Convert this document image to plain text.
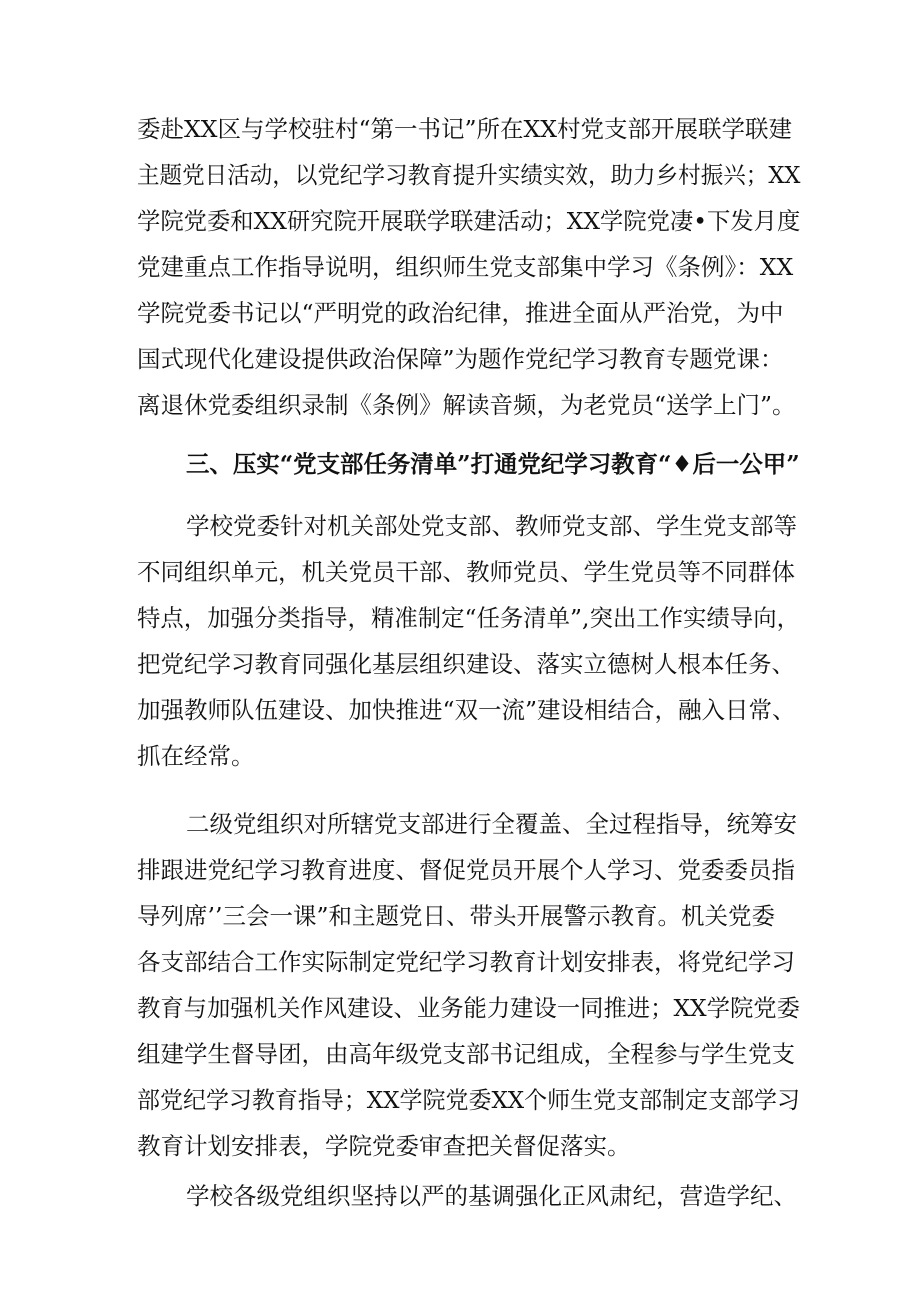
委赴XX区与学校驻村“第一书记”所在XX村党支部开展联学联建

主题党日活动，以党纪学习教育提升实绩实效，助力乡村振兴；XX

学院党委和XX研究院开展联学联建活动；XX学院党凄•下发月度

党建重点工作指导说明，组织师生党支部集中学习《条例》：XX

学院党委书记以“严明党的政治纪律，推进全面从严治党，为中

国式现代化建设提供政治保障”为题作党纪学习教育专题党课：

离退休党委组织录制《条例》解读音频，为老党员“送学上门”。

三、压实“党支部任务清单”打通党纪学习教育“♦后一公甲”

学校党委针对机关部处党支部、教师党支部、学生党支部等

不同组织单元，机关党员干部、教师党员、学生党员等不同群体

特点，加强分类指导，精准制定“任务清单”,突出工作实绩导向，

把党纪学习教育同强化基层组织建设、落实立德树人根本任务、

加强教师队伍建设、加快推进“双一流”建设相结合，融入日常、

抓在经常。

二级党组织对所辖党支部进行全覆盖、全过程指导，统筹安

排跟进党纪学习教育进度、督促党员开展个人学习、党委委员指

导列席’’三会一课”和主题党日、带头开展警示教育。机关党委

各支部结合工作实际制定党纪学习教育计划安排表，将党纪学习

教育与加强机关作风建设、业务能力建设一同推进；XX学院党委

组建学生督导团，由高年级党支部书记组成，全程参与学生党支

部党纪学习教育指导；XX学院党委XX个师生党支部制定支部学习

教育计划安排表，学院党委审查把关督促落实。

学校各级党组织坚持以严的基调强化正风肃纪，营造学纪、
